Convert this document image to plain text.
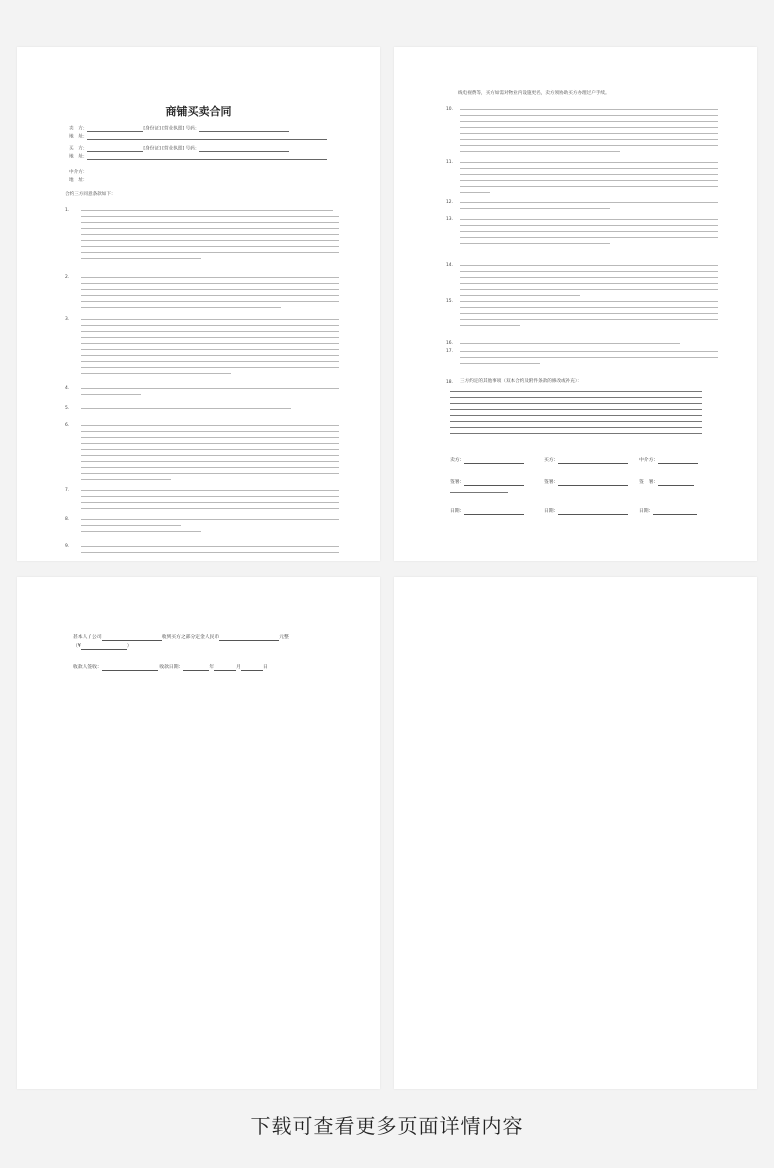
商铺买卖合同
卖　方：	[身份证] [营业执照] 号码：
地　址：
买　方：	[身份证] [营业执照] 号码：
地　址：
中介方：
地　址：
合约三方同意条款如下：
1.
2.
3.
4.
5.
6.
7.
8.
9.
线电视费等，买方如需对物业内设施更名，卖方须协助买方办理过户手续。
10.
11.
12.
13.
14.
15.
16.
17.
18. 三方约定的其他事项（双本合约及附件条款的修改或补充）：
卖方：	买方：	中介方：
签署：	签署：	签　署：
日期：	日期：	日期：
甚本人 / 公司	收到买方之部分定金人民币	元整
（¥	）
收款人签收：	收款日期：	年	月	日
下载可查看更多页面详情内容
